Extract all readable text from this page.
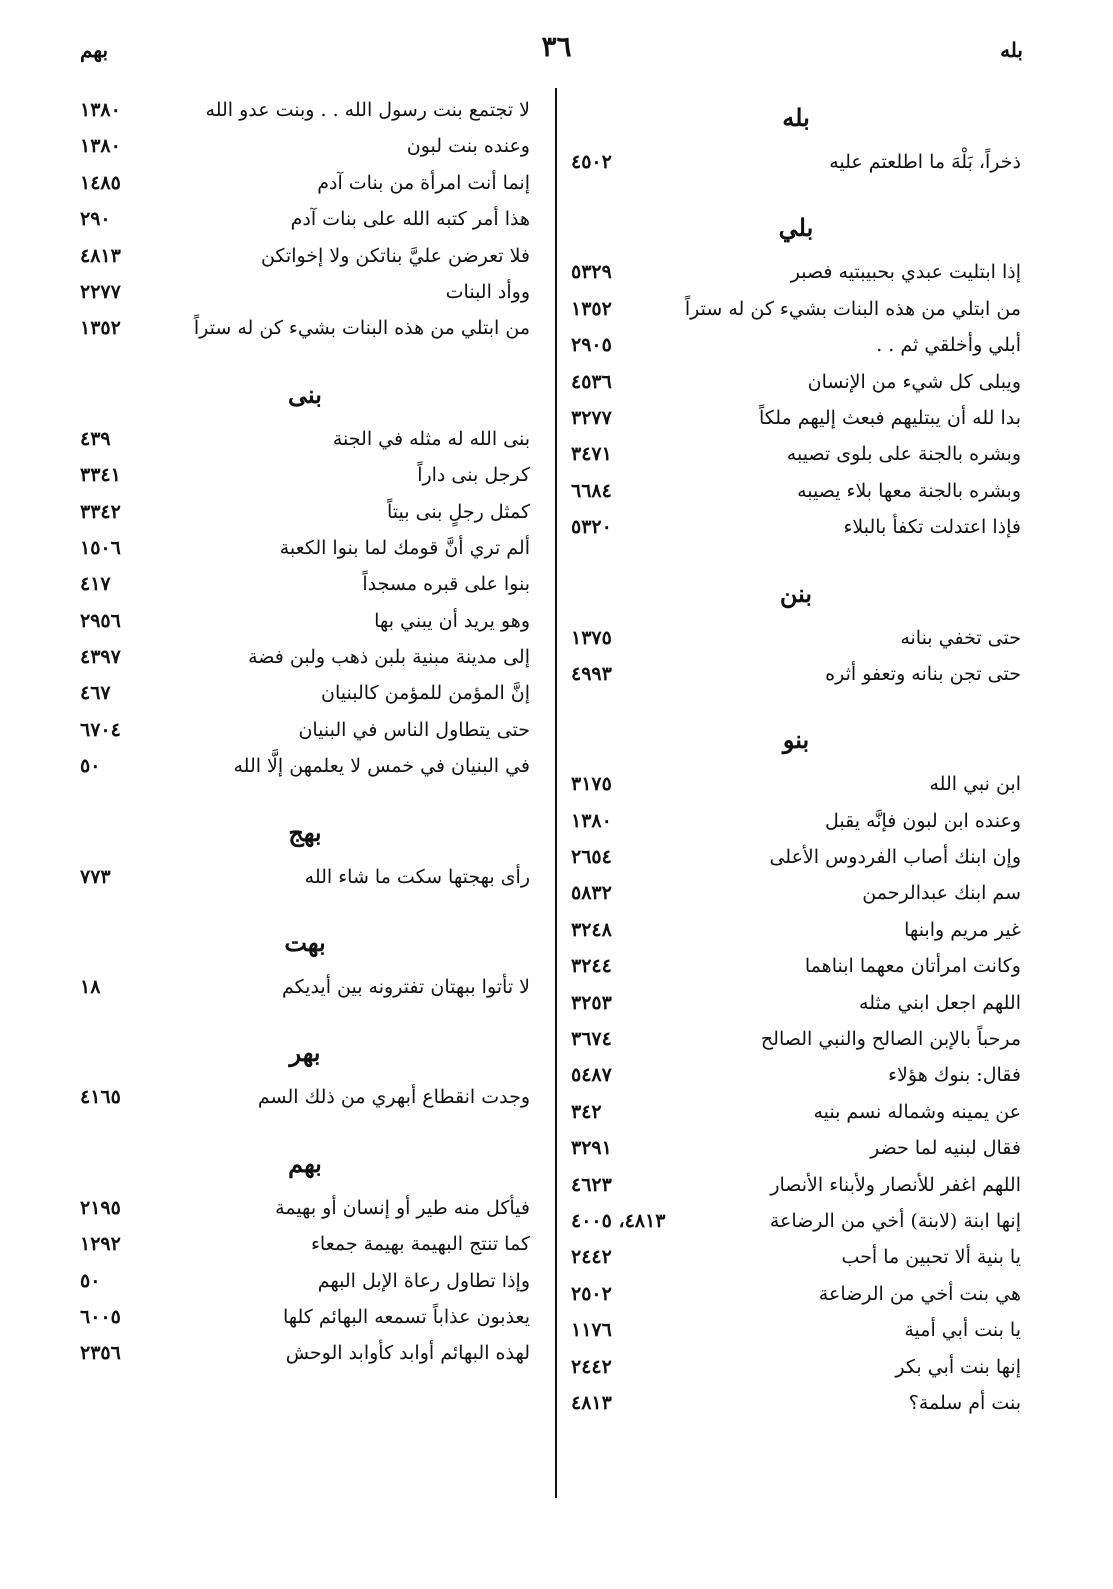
بله
٣٦
بهم
بله
ذخراً، بَلْهَ ما اطلعتم عليه
٤٥٠٢
بلي
إذا ابتليت عبدي بحبيبتيه فصبر
٥٣٢٩
من ابتلي من هذه البنات بشيء كن له ستراً
١٣٥٢
أبلي وأخلقي ثم . .
٢٩٠٥
ويبلى كل شيء من الإنسان
٤٥٣٦
بدا لله أن يبتليهم فبعث إليهم ملكاً
٣٢٧٧
وبشره بالجنة على بلوى تصيبه
٣٤٧١
وبشره بالجنة معها بلاء يصيبه
٦٦٨٤
فإذا اعتدلت تكفأ بالبلاء
٥٣٢٠
بنن
حتى تخفي بنانه
١٣٧٥
حتى تجن بنانه وتعفو أثره
٤٩٩٣
بنو
ابن نبي الله
٣١٧٥
وعنده ابن لبون فإنَّه يقبل
١٣٨٠
وإن ابنك أصاب الفردوس الأعلى
٢٦٥٤
سم ابنك عبدالرحمن
٥٨٣٢
غير مريم وابنها
٣٢٤٨
وكانت امرأتان معهما ابناهما
٣٢٤٤
اللهم اجعل ابني مثله
٣٢٥٣
مرحباً بالإبن الصالح والنبي الصالح
٣٦٧٤
فقال: بنوك هؤلاء
٥٤٨٧
عن يمينه وشماله نسم بنيه
٣٤٢
فقال لبنيه لما حضر
٣٢٩١
اللهم اغفر للأنصار ولأبناء الأنصار
٤٦٢٣
إنها ابنة (لابنة) أخي من الرضاعة
٤٨١٣، ٤٠٠٥
يا بنية ألا تحبين ما أحب
٢٤٤٢
هي بنت أخي من الرضاعة
٢٥٠٢
يا بنت أبي أمية
١١٧٦
إنها بنت أبي بكر
٢٤٤٢
بنت أم سلمة؟
٤٨١٣
لا تجتمع بنت رسول الله . . وبنت عدو الله
١٣٨٠
وعنده بنت لبون
١٣٨٠
إنما أنت امرأة من بنات آدم
١٤٨٥
هذا أمر كتبه الله على بنات آدم
٢٩٠
فلا تعرضن عليَّ بناتكن ولا إخواتكن
٤٨١٣
ووأد البنات
٢٢٧٧
من ابتلي من هذه البنات بشيء كن له ستراً
١٣٥٢
بنى
بنى الله له مثله في الجنة
٤٣٩
كرجل بنى داراً
٣٣٤١
كمثل رجلٍ بنى بيتاً
٣٣٤٢
ألم تري أنَّ قومك لما بنوا الكعبة
١٥٠٦
بنوا على قبره مسجداً
٤١٧
وهو يريد أن يبني بها
٢٩٥٦
إلى مدينة مبنية بلبن ذهب ولبن فضة
٤٣٩٧
إنَّ المؤمن للمؤمن كالبنيان
٤٦٧
حتى يتطاول الناس في البنيان
٦٧٠٤
في البنيان في خمس لا يعلمهن إلَّا الله
٥٠
بهج
رأى بهجتها سكت ما شاء الله
٧٧٣
بهت
لا تأتوا ببهتان تفترونه بين أيديكم
١٨
بهر
وجدت انقطاع أبهري من ذلك السم
٤١٦٥
بهم
فيأكل منه طير أو إنسان أو بهيمة
٢١٩٥
كما تنتج البهيمة بهيمة جمعاء
١٢٩٢
وإذا تطاول رعاة الإبل البهم
٥٠
يعذبون عذاباً تسمعه البهائم كلها
٦٠٠٥
لهذه البهائم أوابد كأوابد الوحش
٢٣٥٦
